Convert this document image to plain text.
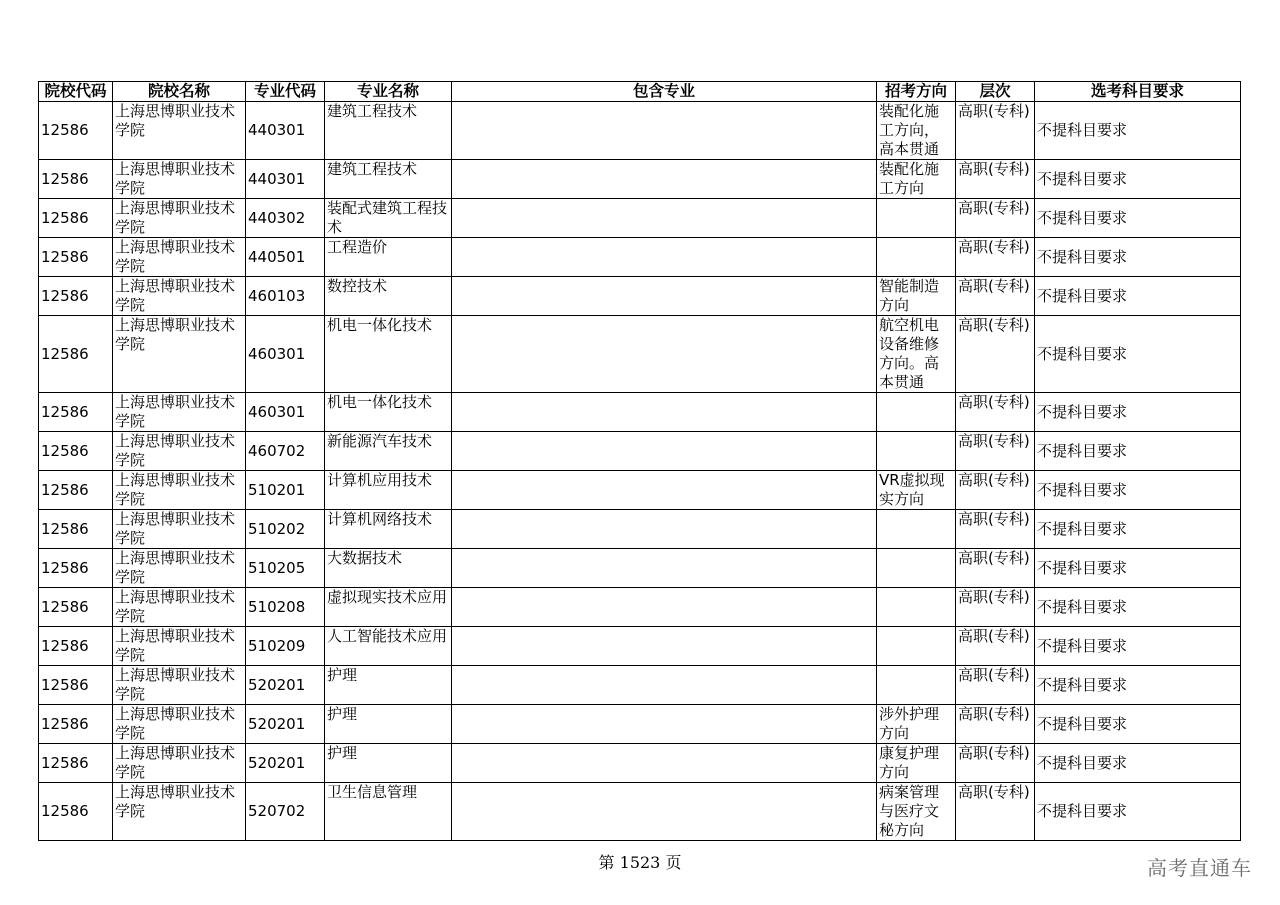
院校代码	院校名称	专业代码	专业名称	包含专业	招考方向	层次	选考科目要求
12586	上海思博职业技术学院	440301	建筑工程技术		装配化施工方向，高本贯通	高职(专科)	不提科目要求
12586	上海思博职业技术学院	440301	建筑工程技术		装配化施工方向	高职(专科)	不提科目要求
12586	上海思博职业技术学院	440302	装配式建筑工程技术			高职(专科)	不提科目要求
12586	上海思博职业技术学院	440501	工程造价			高职(专科)	不提科目要求
12586	上海思博职业技术学院	460103	数控技术		智能制造方向	高职(专科)	不提科目要求
12586	上海思博职业技术学院	460301	机电一体化技术		航空机电设备维修方向。高本贯通	高职(专科)	不提科目要求
12586	上海思博职业技术学院	460301	机电一体化技术			高职(专科)	不提科目要求
12586	上海思博职业技术学院	460702	新能源汽车技术			高职(专科)	不提科目要求
12586	上海思博职业技术学院	510201	计算机应用技术		VR虚拟现实方向	高职(专科)	不提科目要求
12586	上海思博职业技术学院	510202	计算机网络技术			高职(专科)	不提科目要求
12586	上海思博职业技术学院	510205	大数据技术			高职(专科)	不提科目要求
12586	上海思博职业技术学院	510208	虚拟现实技术应用			高职(专科)	不提科目要求
12586	上海思博职业技术学院	510209	人工智能技术应用			高职(专科)	不提科目要求
12586	上海思博职业技术学院	520201	护理			高职(专科)	不提科目要求
12586	上海思博职业技术学院	520201	护理		涉外护理方向	高职(专科)	不提科目要求
12586	上海思博职业技术学院	520201	护理		康复护理方向	高职(专科)	不提科目要求
12586	上海思博职业技术学院	520702	卫生信息管理		病案管理与医疗文秘方向	高职(专科)	不提科目要求
第 1523 页	高考直通车
